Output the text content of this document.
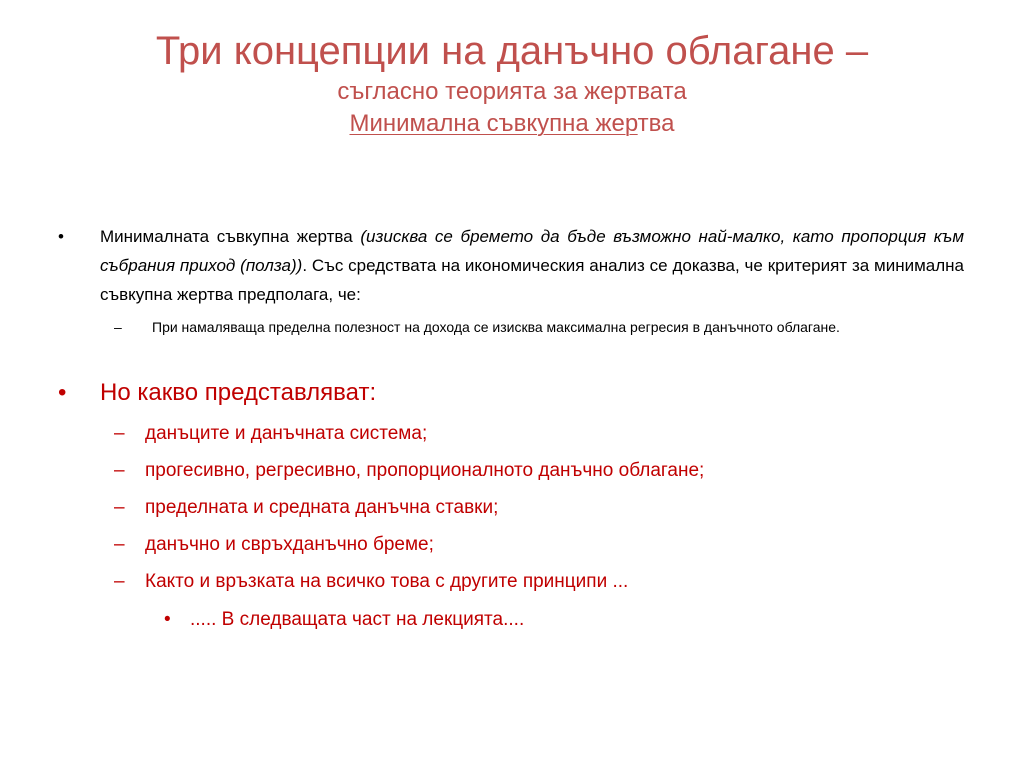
Три концепции на данъчно облагане –
съгласно теорията за жертвата
Минимална съвкупна жертва
• Минималната съвкупна жертва (изисква се бремето да бъде възможно най-малко, като пропорция към събрания приход (полза)). Със средствата на икономическия анализ се доказва, че критерият за минимална съвкупна жертва предполага, че:
– При намаляваща пределна полезност на дохода се изисква максимална регресия в данъчното облагане.
• Но какво представляват:
– данъците и данъчната система;
– прогесивно, регресивно, пропорционалното данъчно облагане;
– пределната и средната данъчна ставки;
– данъчно и свръхданъчно бреме;
– Както и връзката на всичко това с другите принципи ...
• ..... В следващата част на лекцията....
